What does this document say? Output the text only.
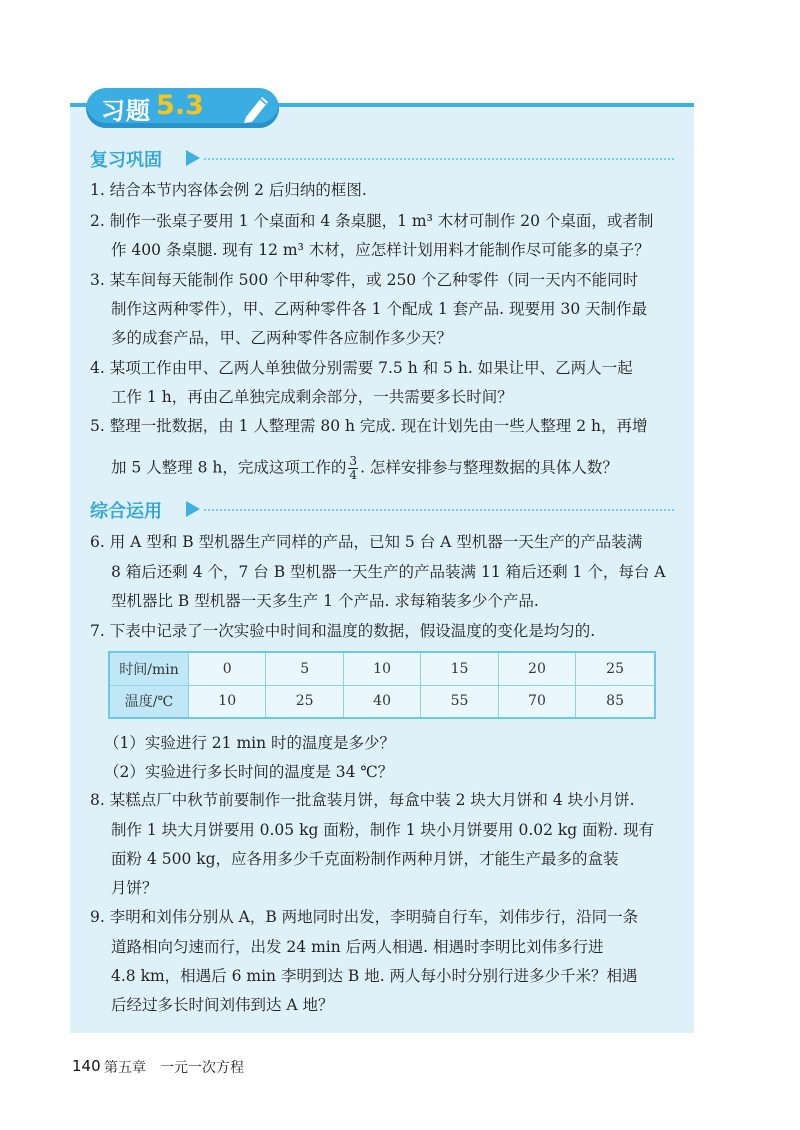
习题 5.3
复习巩固
1. 结合本节内容体会例 2 后归纳的框图.
2. 制作一张桌子要用 1 个桌面和 4 条桌腿，1 m³ 木材可制作 20 个桌面，或者制
作 400 条桌腿. 现有 12 m³ 木材，应怎样计划用料才能制作尽可能多的桌子？
3. 某车间每天能制作 500 个甲种零件，或 250 个乙种零件（同一天内不能同时
制作这两种零件），甲、乙两种零件各 1 个配成 1 套产品. 现要用 30 天制作最
多的成套产品，甲、乙两种零件各应制作多少天？
4. 某项工作由甲、乙两人单独做分别需要 7.5 h 和 5 h. 如果让甲、乙两人一起
工作 1 h，再由乙单独完成剩余部分，一共需要多长时间？
5. 整理一批数据，由 1 人整理需 80 h 完成. 现在计划先由一些人整理 2 h，再增
加 5 人整理 8 h，完成这项工作的 $\frac{3}{4}$ . 怎样安排参与整理数据的具体人数？
综合运用
6. 用 A 型和 B 型机器生产同样的产品，已知 5 台 A 型机器一天生产的产品装满
8 箱后还剩 4 个，7 台 B 型机器一天生产的产品装满 11 箱后还剩 1 个，每台 A
型机器比 B 型机器一天多生产 1 个产品. 求每箱装多少个产品.
7. 下表中记录了一次实验中时间和温度的数据，假设温度的变化是均匀的.
时间/min	0	5	10	15	20	25
温度/℃	10	25	40	55	70	85
（1）实验进行 21 min 时的温度是多少？
（2）实验进行多长时间的温度是 34 ℃？
8. 某糕点厂中秋节前要制作一批盒装月饼，每盒中装 2 块大月饼和 4 块小月饼.
制作 1 块大月饼要用 0.05 kg 面粉，制作 1 块小月饼要用 0.02 kg 面粉. 现有
面粉 4 500 kg，应各用多少千克面粉制作两种月饼，才能生产最多的盒装
月饼？
9. 李明和刘伟分别从 A，B 两地同时出发，李明骑自行车，刘伟步行，沿同一条
道路相向匀速而行，出发 24 min 后两人相遇. 相遇时李明比刘伟多行进
4.8 km，相遇后 6 min 李明到达 B 地. 两人每小时分别行进多少千米？相遇
后经过多长时间刘伟到达 A 地？
140 第五章　一元一次方程
